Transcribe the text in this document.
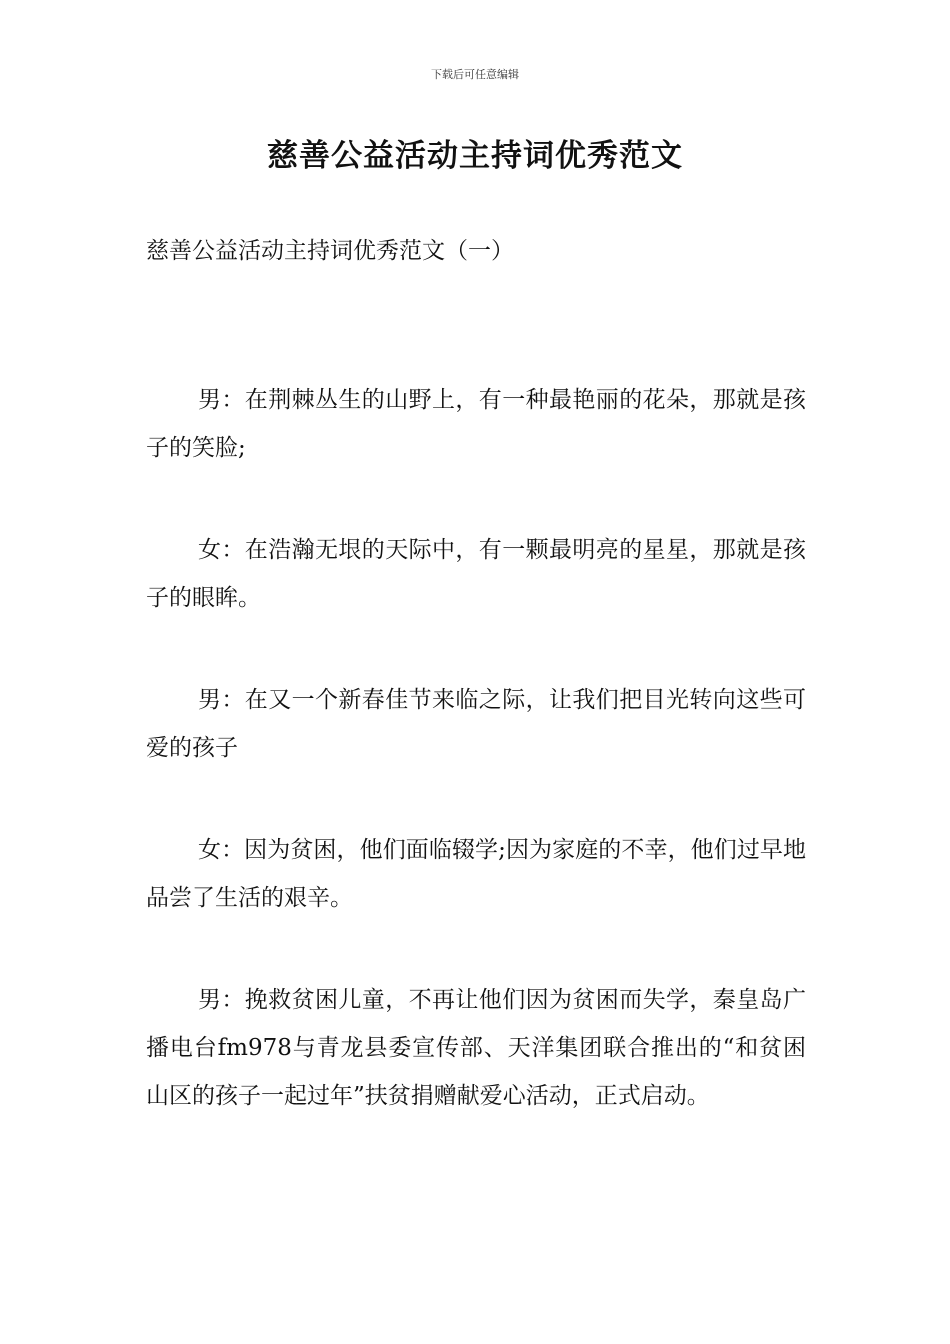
下载后可任意编辑
慈善公益活动主持词优秀范文
慈善公益活动主持词优秀范文（一）

男：在荆棘丛生的山野上，有一种最艳丽的花朵，那就是孩子的笑脸;

女：在浩瀚无垠的天际中，有一颗最明亮的星星，那就是孩子的眼眸。

男：在又一个新春佳节来临之际，让我们把目光转向这些可爱的孩子

女：因为贫困，他们面临辍学;因为家庭的不幸，他们过早地品尝了生活的艰辛。

男：挽救贫困儿童，不再让他们因为贫困而失学，秦皇岛广播电台fm978与青龙县委宣传部、天洋集团联合推出的“和贫困山区的孩子一起过年”扶贫捐赠献爱心活动，正式启动。
